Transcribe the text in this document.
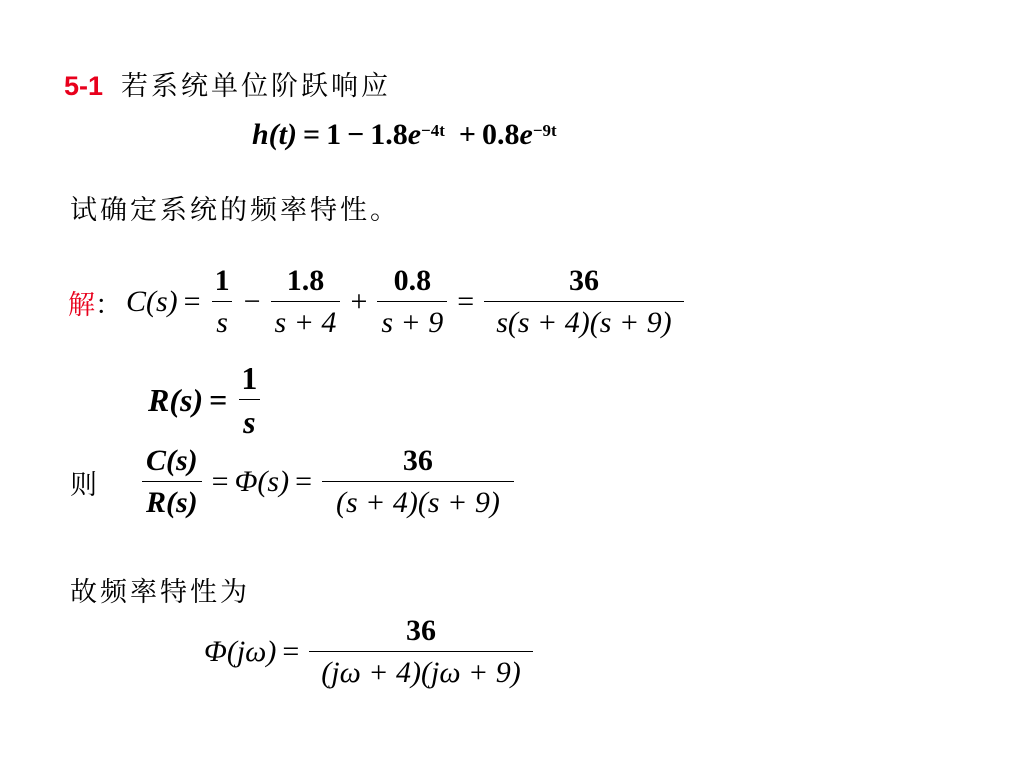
5-1 若系统单位阶跃响应
h(t) = 1 − 1.8 $e^{-4t} + 0.8$ $e^{-9t}$
试确定系统的频率特性。
解 ： $C(s) = \frac{1}{s} - \frac{1.8}{s + 4} + \frac{0.8}{s + 9} = \frac{36}{s(s + 4)(s + 9)}$
$R(s) = \frac{1}{s}$
则 $\frac{C(s)}{R(s)} = \Phi(s) = \frac{36}{(s + 4)(s + 9)}$
故频率特性为
$\Phi(j\omega) = \frac{36}{(j\omega + 4)(j\omega + 9)}$
